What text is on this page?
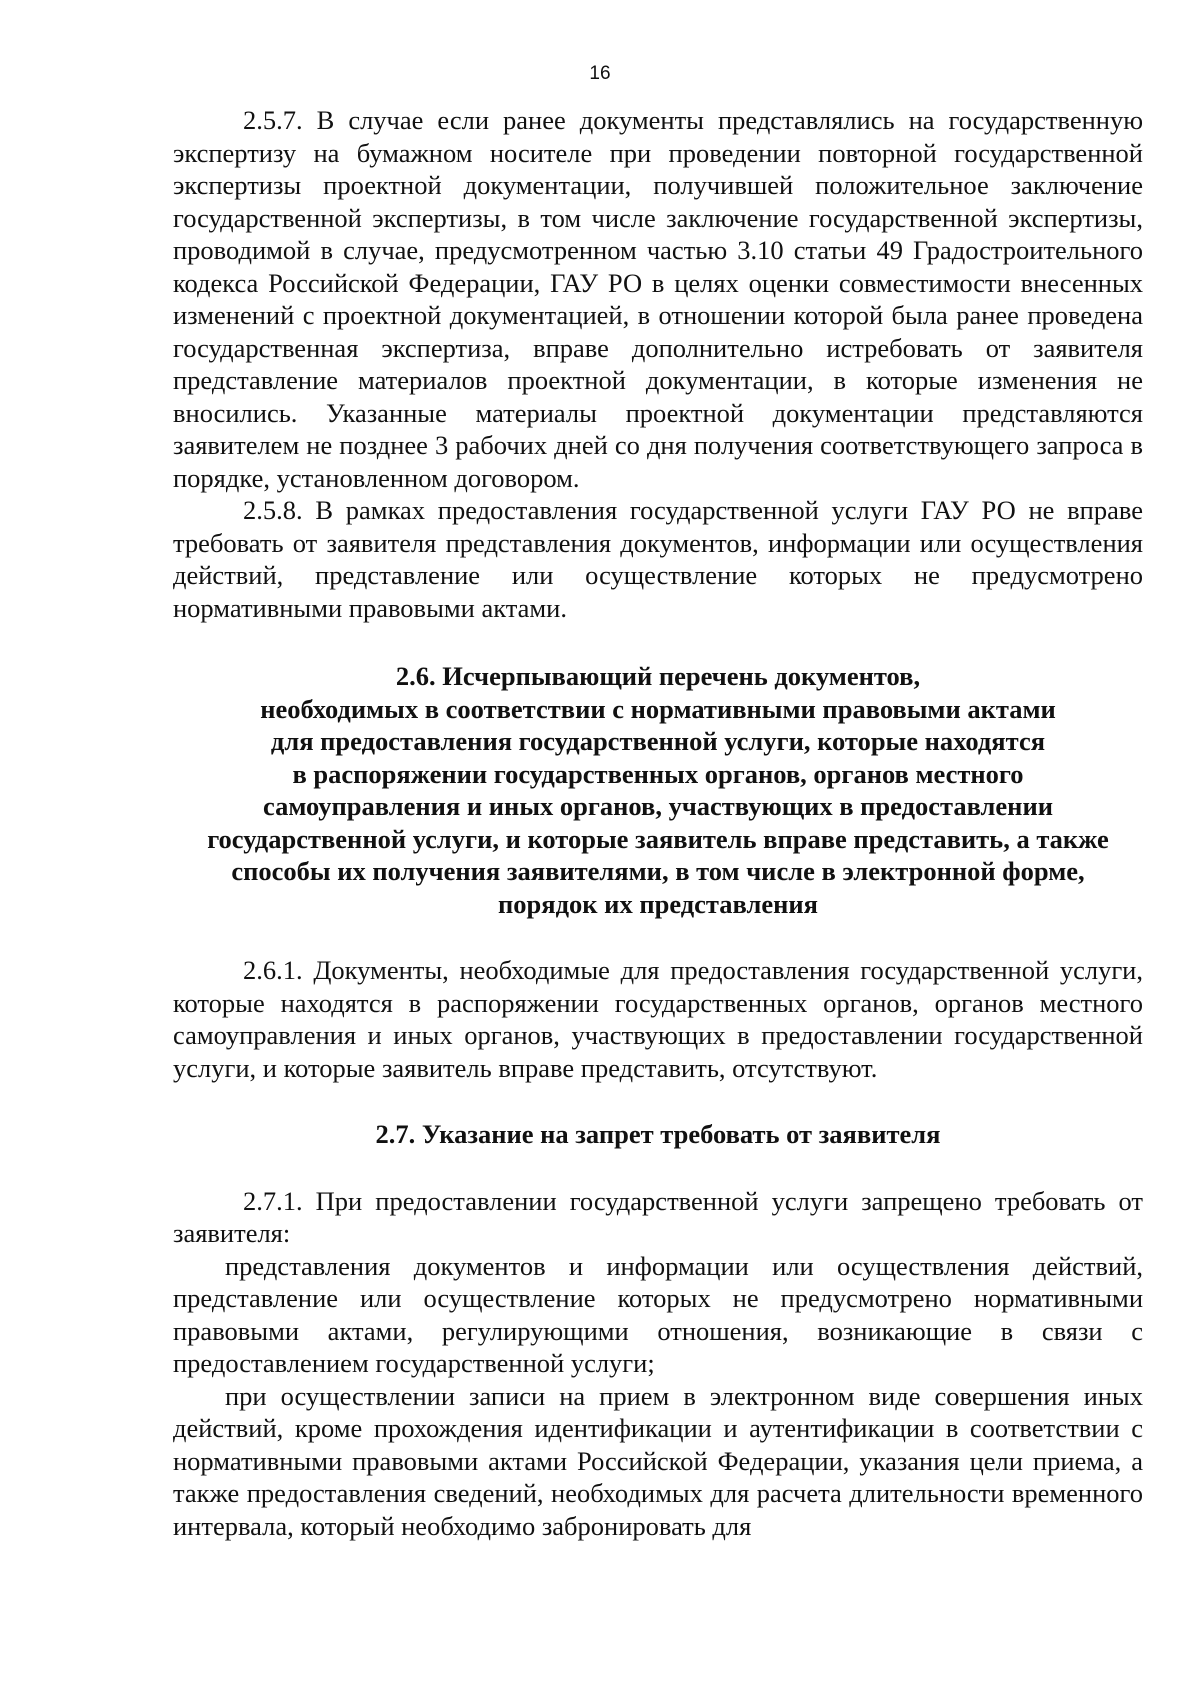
16

2.5.7. В случае если ранее документы представлялись на государственную экспертизу на бумажном носителе при проведении повторной государственной экспертизы проектной документации, получившей положительное заключение государственной экспертизы, в том числе заключение государственной экспертизы, проводимой в случае, предусмотренном частью 3.10 статьи 49 Градостроительного кодекса Российской Федерации, ГАУ РО в целях оценки совместимости внесенных изменений с проектной документацией, в отношении которой была ранее проведена государственная экспертиза, вправе дополнительно истребовать от заявителя представление материалов проектной документации, в которые изменения не вносились. Указанные материалы проектной документации представляются заявителем не позднее 3 рабочих дней со дня получения соответствующего запроса в порядке, установленном договором.

2.5.8. В рамках предоставления государственной услуги ГАУ РО не вправе требовать от заявителя представления документов, информации или осуществления действий, представление или осуществление которых не предусмотрено нормативными правовыми актами.

2.6. Исчерпывающий перечень документов,
необходимых в соответствии с нормативными правовыми актами
для предоставления государственной услуги, которые находятся
в распоряжении государственных органов, органов местного
самоуправления и иных органов, участвующих в предоставлении
государственной услуги, и которые заявитель вправе представить, а также
способы их получения заявителями, в том числе в электронной форме,
порядок их представления

2.6.1. Документы, необходимые для предоставления государственной услуги, которые находятся в распоряжении государственных органов, органов местного самоуправления и иных органов, участвующих в предоставлении государственной услуги, и которые заявитель вправе представить, отсутствуют.

2.7. Указание на запрет требовать от заявителя

2.7.1. При предоставлении государственной услуги запрещено требовать от заявителя:

представления документов и информации или осуществления действий, представление или осуществление которых не предусмотрено нормативными правовыми актами, регулирующими отношения, возникающие в связи с предоставлением государственной услуги;

при осуществлении записи на прием в электронном виде совершения иных действий, кроме прохождения идентификации и аутентификации в соответствии с нормативными правовыми актами Российской Федерации, указания цели приема, а также предоставления сведений, необходимых для расчета длительности временного интервала, который необходимо забронировать для
